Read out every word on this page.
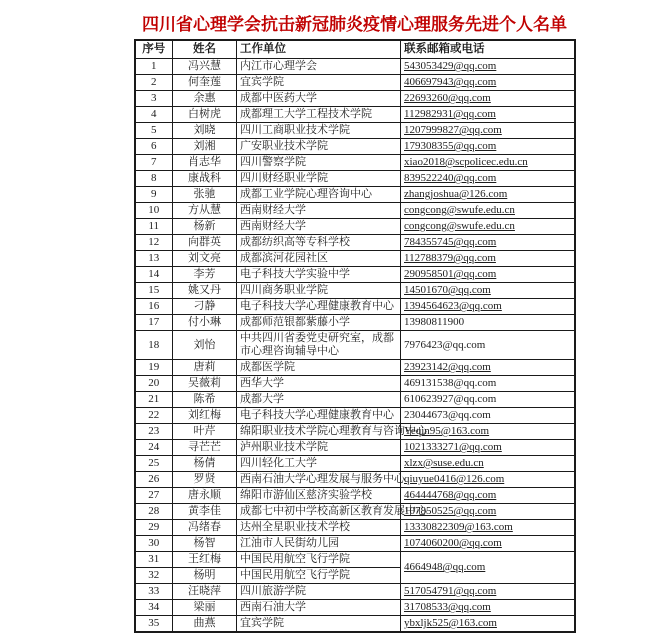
四川省心理学会抗击新冠肺炎疫情心理服务先进个人名单
序号	姓名	工作单位	联系邮箱或电话
1	冯兴慧	内江市心理学会	543053429@qq.com
2	何奎莲	宜宾学院	406697943@qq.com
3	余惠	成都中医药大学	22693260@qq.com
4	白树虎	成都理工大学工程技术学院	112982931@qq.com
5	刘晓	四川工商职业技术学院	1207999827@qq.com
6	刘湘	广安职业技术学院	179308355@qq.com
7	肖志华	四川警察学院	xiao2018@scpolicec.edu.cn
8	康战科	四川财经职业学院	839522240@qq.com
9	张驰	成都工业学院心理咨询中心	zhangjoshua@126.com
10	方从慧	西南财经大学	congcong@swufe.edu.cn
11	杨新	西南财经大学	congcong@swufe.edu.cn
12	向群英	成都纺织高等专科学校	784355745@qq.com
13	刘文亮	成都滨河花园社区	112788379@qq.com
14	李芳	电子科技大学实验中学	290958501@qq.com
15	姚又丹	四川商务职业学院	14501670@qq.com
16	刁静	电子科技大学心理健康教育中心	1394564623@qq.com
17	付小琳	成都师范银都紫藤小学	13980811900
18	刘怡	中共四川省委党史研究室，成都市心理咨询辅导中心	7976423@qq.com
19	唐莉	成都医学院	23923142@qq.com
20	吴薇莉	西华大学	469131538@qq.com
21	陈希	成都大学	610623927@qq.com
22	刘红梅	电子科技大学心理健康教育中心	23044673@qq.com
23	叶芹	绵阳职业技术学院心理教育与咨询中心	Yeqin95@163.com
24	寻芒芒	泸州职业技术学院	1021333271@qq.com
25	杨倩	四川轻化工大学	xlzx@suse.edu.cn
26	罗贤	西南石油大学心理发展与服务中心	qiuyue0416@126.com
27	唐永顺	绵阳市游仙区慈济实验学校	464444768@qq.com
28	黄李佳	成都七中初中学校高新区教育发展中心	107850525@qq.com
29	冯绪春	达州全星职业技术学校	13330822309@163.com
30	杨智	江油市人民街幼儿园	1074060200@qq.com
31	王红梅	中国民用航空飞行学院	4664948@qq.com
32	杨明	中国民用航空飞行学院	
33	汪晓萍	四川旅游学院	517054791@qq.com
34	梁丽	西南石油大学	31708533@qq.com
35	曲燕	宜宾学院	ybxljk525@163.com
